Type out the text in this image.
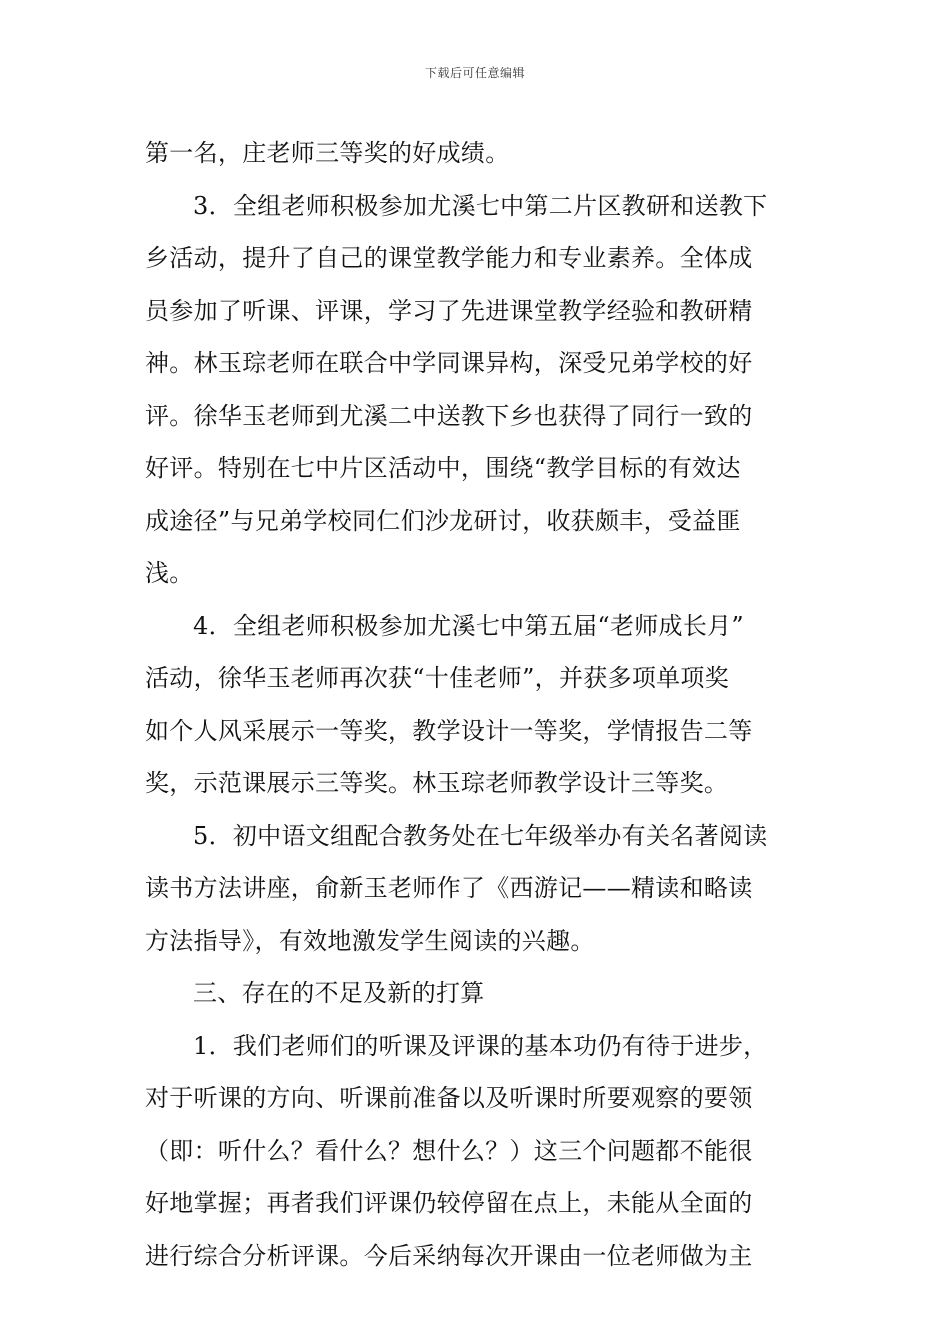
下载后可任意编辑
第一名，庄老师三等奖的好成绩。
3．全组老师积极参加尤溪七中第二片区教研和送教下
乡活动，提升了自己的课堂教学能力和专业素养。全体成
员参加了听课、评课，学习了先进课堂教学经验和教研精
神。林玉琮老师在联合中学同课异构，深受兄弟学校的好
评。徐华玉老师到尤溪二中送教下乡也获得了同行一致的
好评。特别在七中片区活动中，围绕“教学目标的有效达
成途径”与兄弟学校同仁们沙龙研讨，收获颇丰，受益匪
浅。
4．全组老师积极参加尤溪七中第五届“老师成长月”
活动，徐华玉老师再次获“十佳老师”，并获多项单项奖
如个人风采展示一等奖，教学设计一等奖，学情报告二等
奖，示范课展示三等奖。林玉琮老师教学设计三等奖。
5．初中语文组配合教务处在七年级举办有关名著阅读
读书方法讲座，俞新玉老师作了《西游记——精读和略读
方法指导》，有效地激发学生阅读的兴趣。
三、存在的不足及新的打算
1．我们老师们的听课及评课的基本功仍有待于进步，
对于听课的方向、听课前准备以及听课时所要观察的要领
（即：听什么？看什么？想什么？）这三个问题都不能很
好地掌握；再者我们评课仍较停留在点上，未能从全面的
进行综合分析评课。今后采纳每次开课由一位老师做为主
